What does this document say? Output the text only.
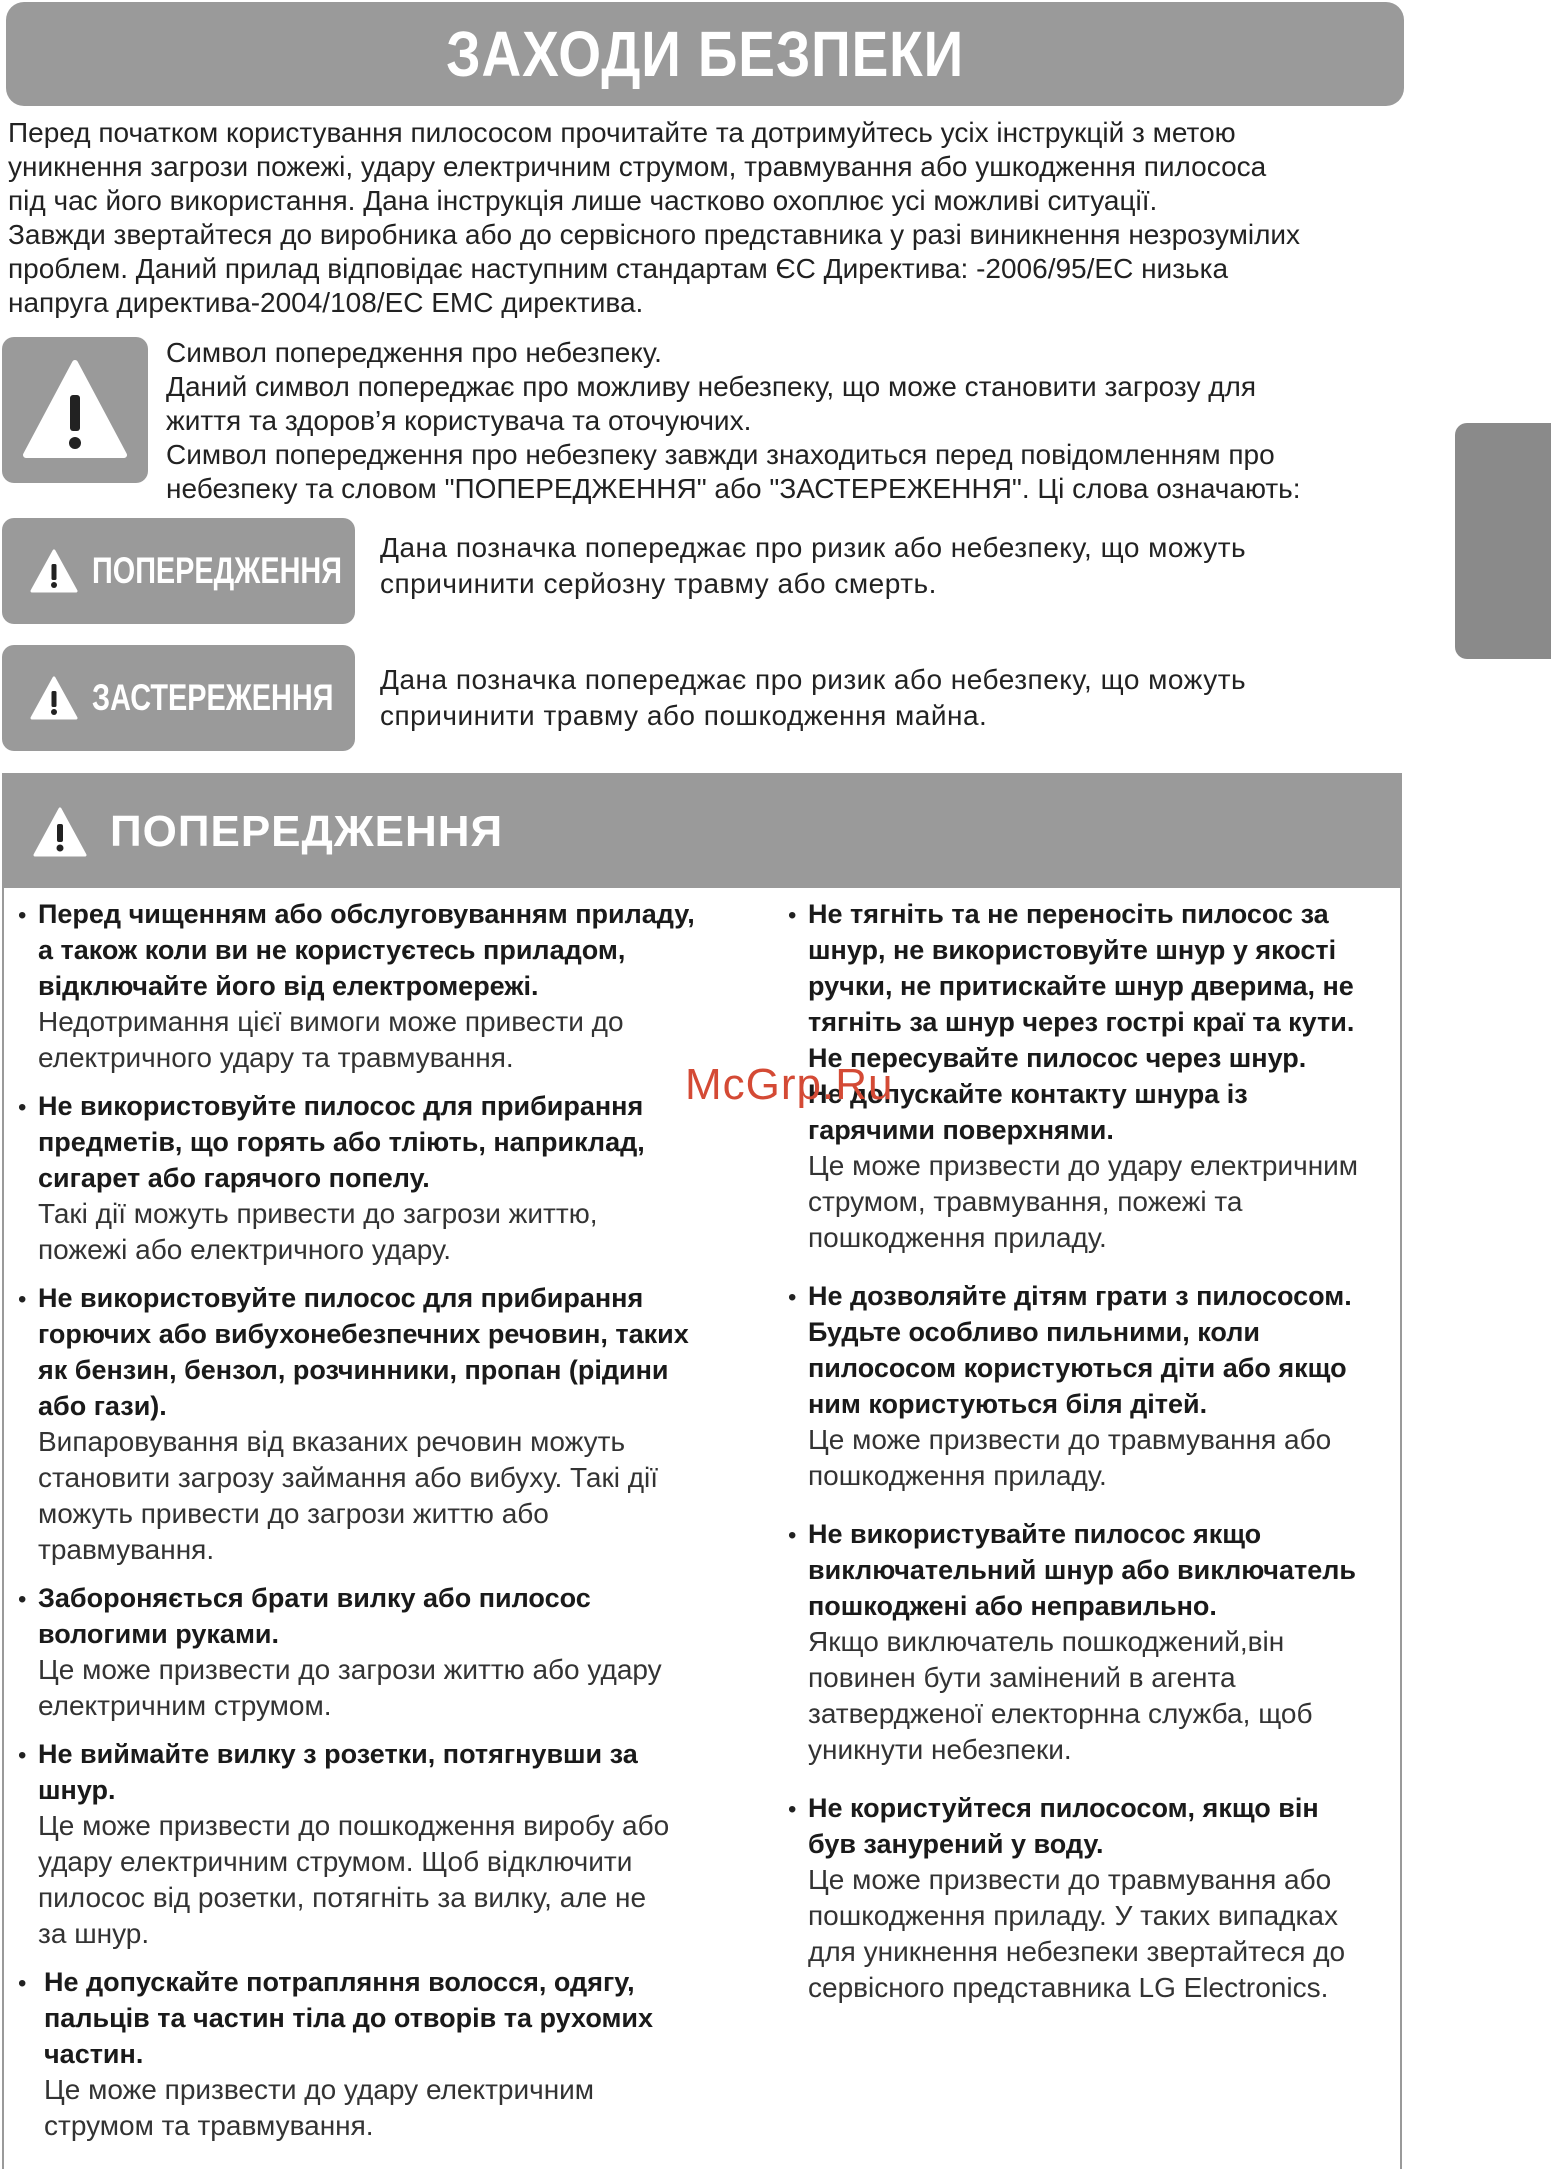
ЗАХОДИ БЕЗПЕКИ

Перед початком користування пилососом прочитайте та дотримуйтесь усіх інструкцій з метою

уникнення загрози пожежі, удару електричним струмом, травмування або ушкодження пилососа

під час його використання. Дана інструкція лише частково охоплює усі можливі ситуації.

Завжди звертайтеся до виробника або до сервісного представника у разі виникнення незрозумілих

проблем. Даний прилад відповідає наступним стандартам ЄС Директива: -2006/95/EC низька

напруга директива-2004/108/EC EMC директива.

Символ попередження про небезпеку.

Даний символ попереджає про можливу небезпеку, що може становити загрозу для

життя та здоров’я користувача та оточуючих.

Символ попередження про небезпеку завжди знаходиться перед повідомленням про

небезпеку та словом "ПОПЕРЕДЖЕННЯ" або "ЗАСТЕРЕЖЕННЯ". Ці слова означають:

ПОПЕРЕДЖЕННЯ

Дана позначка попереджає про ризик або небезпеку, що можуть

спричинити серйозну травму або смерть.

ЗАСТЕРЕЖЕННЯ Дана позначка попереджає про ризик або небезпеку, що можуть

спричинити травму або пошкодження майна.

ПОПЕРЕДЖЕННЯ
• Перед чищенням або обслуговуванням приладу,

а також коли ви не користуєтесь приладом,

відключайте його від електромережі.

Недотримання цієї вимоги може привести до

електричного удару та травмування.

• Не використовуйте пилосос для прибирання

предметів, що горять або тліють, наприклад,

сигарет або гарячого попелу.

Такі дії можуть привести до загрози життю,

пожежі або електричного удару.

• Не використовуйте пилосос для прибирання

горючих або вибухонебезпечних речовин, таких

як бензин, бензол, розчинники, пропан (рідини

або гази).

Випаровування від вказаних речовин можуть

становити загрозу займання або вибуху. Такі дії

можуть привести до загрози життю або

травмування.

• Забороняється брати вилку або пилосос

вологими руками.

Це може призвести до загрози життю або удару

електричним струмом.

• Не виймайте вилку з розетки, потягнувши за

шнур.

Це може призвести до пошкодження виробу або

удару електричним струмом. Щоб відключити

пилосос від розетки, потягніть за вилку, але не

за шнур.

• Не допускайте потрапляння волосся, одягу,

пальців та частин тіла до отворів та рухомих

частин.

Це може призвести до удару електричним

струмом та травмування.

• Не тягніть та не переносіть пилосос за

шнур, не використовуйте шнур у якості

ручки, не притискайте шнур дверима, не

тягніть за шнур через гострі краї та кути.

Не пересувайте пилосос через шнур.

Не допускайте контакту шнура із

гарячими поверхнями.

Це може призвести до удару електричним

струмом, травмування, пожежі та

пошкодження приладу.

• Не дозволяйте дітям грати з пилососом.

Будьте особливо пильними, коли

пилососом користуються діти або якщо

ним користуються біля дітей.

Це може призвести до травмування або

пошкодження приладу.

• Не використувайте пилосос якщо

виключательний шнур або виключатель

пошкоджені або неправильно.

Якщо виключатель пошкоджений,він

повинен бути замінений в агента

затвердженої електорнна служба, щоб

уникнути небезпеки.

• Не користуйтеся пилососом, якщо він

був занурений у воду.

Це може призвести до травмування або

пошкодження приладу. У таких випадках

для уникнення небезпеки звертайтеся до

сервісного представника LG Electronics.

McGrp.Ru
